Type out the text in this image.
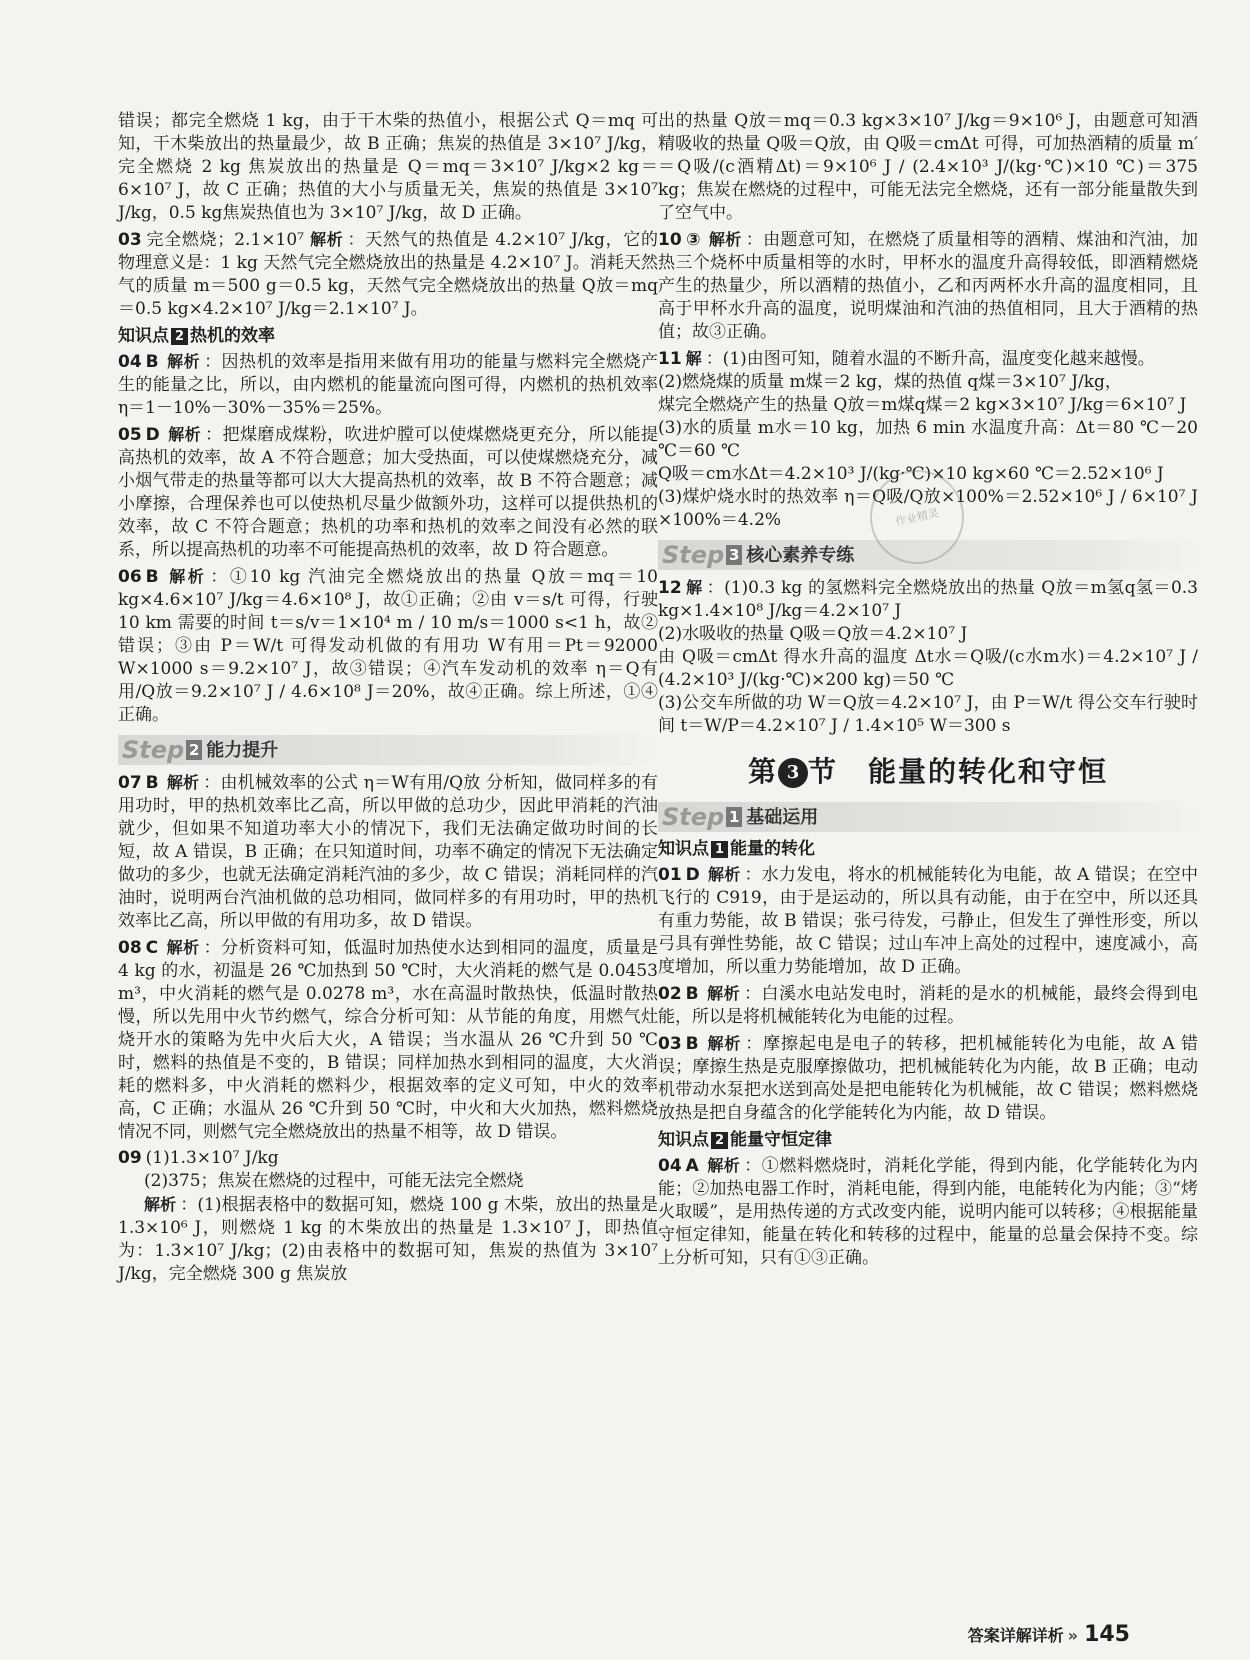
错误；都完全燃烧 1 kg，由于干木柴的热值小，根据公式 Q＝mq 可知，干木柴放出的热量最少，故 B 正确；焦炭的热值是 3×10⁷ J/kg，完全燃烧 2 kg 焦炭放出的热量是 Q＝mq＝3×10⁷ J/kg×2 kg＝6×10⁷ J，故 C 正确；热值的大小与质量无关，焦炭的热值是 3×10⁷ J/kg，0.5 kg焦炭热值也为 3×10⁷ J/kg，故 D 正确。

03 完全燃烧；2.1×10⁷ 解析 ：天然气的热值是 4.2×10⁷ J/kg，它的物理意义是：1 kg 天然气完全燃烧放出的热量是 4.2×10⁷ J。消耗天然气的质量 m＝500 g＝0.5 kg，天然气完全燃烧放出的热量 Q放＝mq＝0.5 kg×4.2×10⁷ J/kg＝2.1×10⁷ J。

知识点 2 热机的效率

04 B 解析 ：因热机的效率是指用来做有用功的能量与燃料完全燃烧产生的能量之比，所以，由内燃机的能量流向图可得，内燃机的热机效率 η＝1－10%－30%－35%＝25%。

05 D 解析 ：把煤磨成煤粉，吹进炉膛可以使煤燃烧更充分，所以能提高热机的效率，故 A 不符合题意；加大受热面，可以使煤燃烧充分，减小烟气带走的热量等都可以大大提高热机的效率，故 B 不符合题意；减小摩擦，合理保养也可以使热机尽量少做额外功，这样可以提供热机的效率，故 C 不符合题意；热机的功率和热机的效率之间没有必然的联系，所以提高热机的功率不可能提高热机的效率，故 D 符合题意。

06 B 解析 ：①10 kg 汽油完全燃烧放出的热量 Q放＝mq＝10 kg×4.6×10⁷ J/kg＝4.6×10⁸ J，故①正确；②由 v＝s/t 可得，行驶 10 km 需要的时间 t＝s/v＝1×10⁴ m / 10 m/s＝1000 s<1 h，故②错误；③由 P＝W/t 可得发动机做的有用功 W有用＝Pt＝92000 W×1000 s＝9.2×10⁷ J，故③错误；④汽车发动机的效率 η＝Q有用/Q放＝9.2×10⁷ J / 4.6×10⁸ J＝20%，故④正确。综上所述，①④正确。

Step 2 能力提升

07 B 解析 ：由机械效率的公式 η＝W有用/Q放 分析知，做同样多的有用功时，甲的热机效率比乙高，所以甲做的总功少，因此甲消耗的汽油就少，但如果不知道功率大小的情况下，我们无法确定做功时间的长短，故 A 错误，B 正确；在只知道时间，功率不确定的情况下无法确定做功的多少，也就无法确定消耗汽油的多少，故 C 错误；消耗同样的汽油时，说明两台汽油机做的总功相同，做同样多的有用功时，甲的热机效率比乙高，所以甲做的有用功多，故 D 错误。

08 C 解析 ：分析资料可知，低温时加热使水达到相同的温度，质量是 4 kg 的水，初温是 26 ℃加热到 50 ℃时，大火消耗的燃气是 0.0453 m³，中火消耗的燃气是 0.0278 m³，水在高温时散热快，低温时散热慢，所以先用中火节约燃气，综合分析可知：从节能的角度，用燃气灶烧开水的策略为先中火后大火，A 错误；当水温从 26 ℃升到 50 ℃时，燃料的热值是不变的，B 错误；同样加热水到相同的温度，大火消耗的燃料多，中火消耗的燃料少，根据效率的定义可知，中火的效率高，C 正确；水温从 26 ℃升到 50 ℃时，中火和大火加热，燃料燃烧情况不同，则燃气完全燃烧放出的热量不相等，故 D 错误。

09 (1)1.3×10⁷ J/kg
(2)375；焦炭在燃烧的过程中，可能无法完全燃烧
解析 ：(1)根据表格中的数据可知，燃烧 100 g 木柴，放出的热量是 1.3×10⁶ J，则燃烧 1 kg 的木柴放出的热量是 1.3×10⁷ J，即热值为：1.3×10⁷ J/kg；(2)由表格中的数据可知，焦炭的热值为 3×10⁷ J/kg，完全燃烧 300 g 焦炭放

出的热量 Q放＝mq＝0.3 kg×3×10⁷ J/kg＝9×10⁶ J，由题意可知酒精吸收的热量 Q吸＝Q放，由 Q吸＝cmΔt 可得，可加热酒精的质量 m′＝Q吸/(c酒精Δt)＝9×10⁶ J / (2.4×10³ J/(kg·℃)×10 ℃)＝375 kg；焦炭在燃烧的过程中，可能无法完全燃烧，还有一部分能量散失到了空气中。

10 ③ 解析 ：由题意可知，在燃烧了质量相等的酒精、煤油和汽油，加热三个烧杯中质量相等的水时，甲杯水的温度升高得较低，即酒精燃烧产生的热量少，所以酒精的热值小，乙和丙两杯水升高的温度相同，且高于甲杯水升高的温度，说明煤油和汽油的热值相同，且大于酒精的热值；故③正确。

11 解 ：(1)由图可知，随着水温的不断升高，温度变化越来越慢。
(2)燃烧煤的质量 m煤＝2 kg，煤的热值 q煤＝3×10⁷ J/kg，
煤完全燃烧产生的热量 Q放＝m煤q煤＝2 kg×3×10⁷ J/kg＝6×10⁷ J
(3)水的质量 m水＝10 kg，加热 6 min 水温度升高：Δt＝80 ℃－20 ℃＝60 ℃
Q吸＝cm水Δt＝4.2×10³ J/(kg·℃)×10 kg×60 ℃＝2.52×10⁶ J
(3)煤炉烧水时的热效率 η＝Q吸/Q放×100%＝2.52×10⁶ J / 6×10⁷ J ×100%＝4.2%

Step 3 核心素养专练

12 解 ：(1)0.3 kg 的氢燃料完全燃烧放出的热量 Q放＝m氢q氢＝0.3 kg×1.4×10⁸ J/kg＝4.2×10⁷ J
(2)水吸收的热量 Q吸＝Q放＝4.2×10⁷ J
由 Q吸＝cmΔt 得水升高的温度 Δt水＝Q吸/(c水m水)＝4.2×10⁷ J / (4.2×10³ J/(kg·℃)×200 kg)＝50 ℃
(3)公交车所做的功 W＝Q放＝4.2×10⁷ J，由 P＝W/t 得公交车行驶时间 t＝W/P＝4.2×10⁷ J / 1.4×10⁵ W＝300 s

第 3 节　能量的转化和守恒
Step 1 基础运用
知识点 1 能量的转化

01 D 解析 ：水力发电，将水的机械能转化为电能，故 A 错误；在空中飞行的 C919，由于是运动的，所以具有动能，由于在空中，所以还具有重力势能，故 B 错误；张弓待发，弓静止，但发生了弹性形变，所以弓具有弹性势能，故 C 错误；过山车冲上高处的过程中，速度减小，高度增加，所以重力势能增加，故 D 正确。

02 B 解析 ：白溪水电站发电时，消耗的是水的机械能，最终会得到电能，所以是将机械能转化为电能的过程。

03 B 解析 ：摩擦起电是电子的转移，把机械能转化为电能，故 A 错误；摩擦生热是克服摩擦做功，把机械能转化为内能，故 B 正确；电动机带动水泵把水送到高处是把电能转化为机械能，故 C 错误；燃料燃烧放热是把自身蕴含的化学能转化为内能，故 D 错误。

知识点 2 能量守恒定律

04 A 解析 ：①燃料燃烧时，消耗化学能，得到内能，化学能转化为内能；②加热电器工作时，消耗电能，得到内能，电能转化为内能；③“烤火取暖”，是用热传递的方式改变内能，说明内能可以转移；④根据能量守恒定律知，能量在转化和转移的过程中，能量的总量会保持不变。综上分析可知，只有①③正确。

作业精灵
答案详解详析 » 145
